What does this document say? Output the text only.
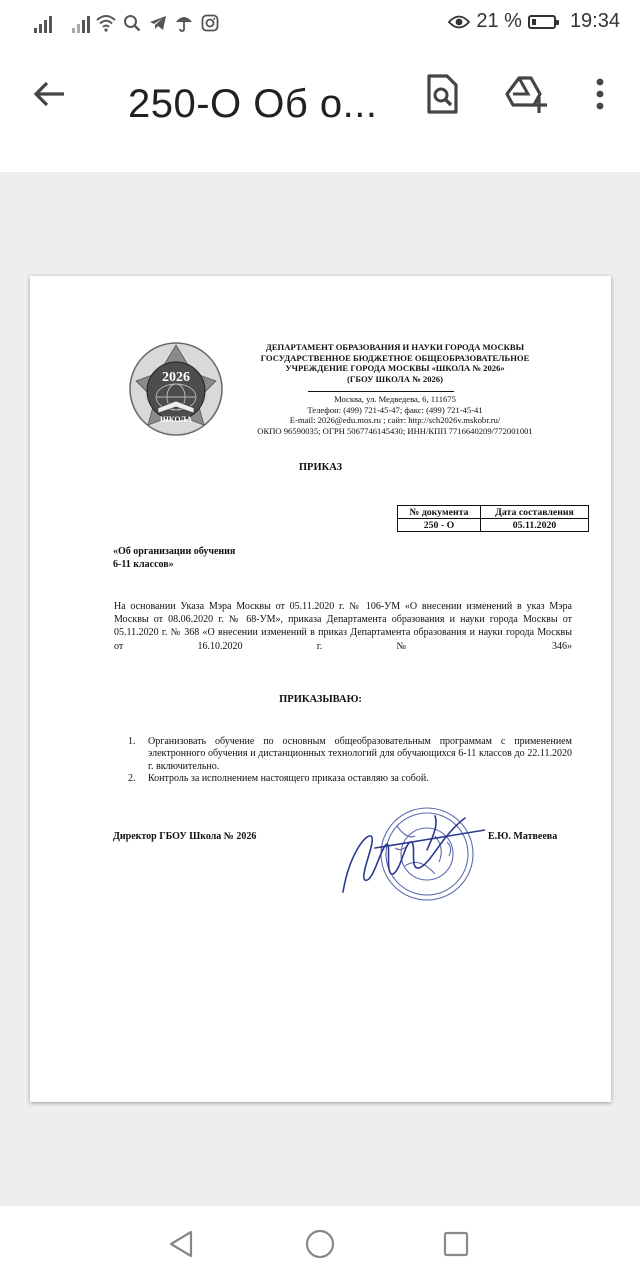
21 % 19:34
250-О Об о...
2026
ШКОЛА
ДЕПАРТАМЕНТ ОБРАЗОВАНИЯ И НАУКИ ГОРОДА МОСКВЫ
ГОСУДАРСТВЕННОЕ БЮДЖЕТНОЕ ОБЩЕОБРАЗОВАТЕЛЬНОЕ
УЧРЕЖДЕНИЕ ГОРОДА МОСКВЫ «ШКОЛА № 2026»
(ГБОУ ШКОЛА № 2026)
Москва, ул. Медведева, 6, 111675
Телефон: (499) 721-45-47; факс: (499) 721-45-41
E-mail: 2026@edu.mos.ru ; сайт: http://sch2026v.mskobr.ru/
ОКПО 96590035; ОГРН 5067746145430; ИНН/КПП 7716640209/772001001
ПРИКАЗ
№ документа	Дата составления
250 - О	05.11.2020
«Об организации обучения
6-11 классов»
На основании Указа Мэра Москвы от 05.11.2020 г. № 106-УМ «О внесении изменений в указ Мэра Москвы от 08.06.2020 г. № 68-УМ», приказа Департамента образования и науки города Москвы от 05.11.2020 г. № 368 «О внесении изменений в приказ Департамента образования и науки города Москвы от 16.10.2020 г. № 346»
ПРИКАЗЫВАЮ:
1. Организовать обучение по основным общеобразовательным программам с применением электронного обучения и дистанционных технологий для обучающихся 6-11 классов до 22.11.2020 г. включительно.
2. Контроль за исполнением настоящего приказа оставляю за собой.
Директор ГБОУ Школа № 2026	Е.Ю. Матвеева
